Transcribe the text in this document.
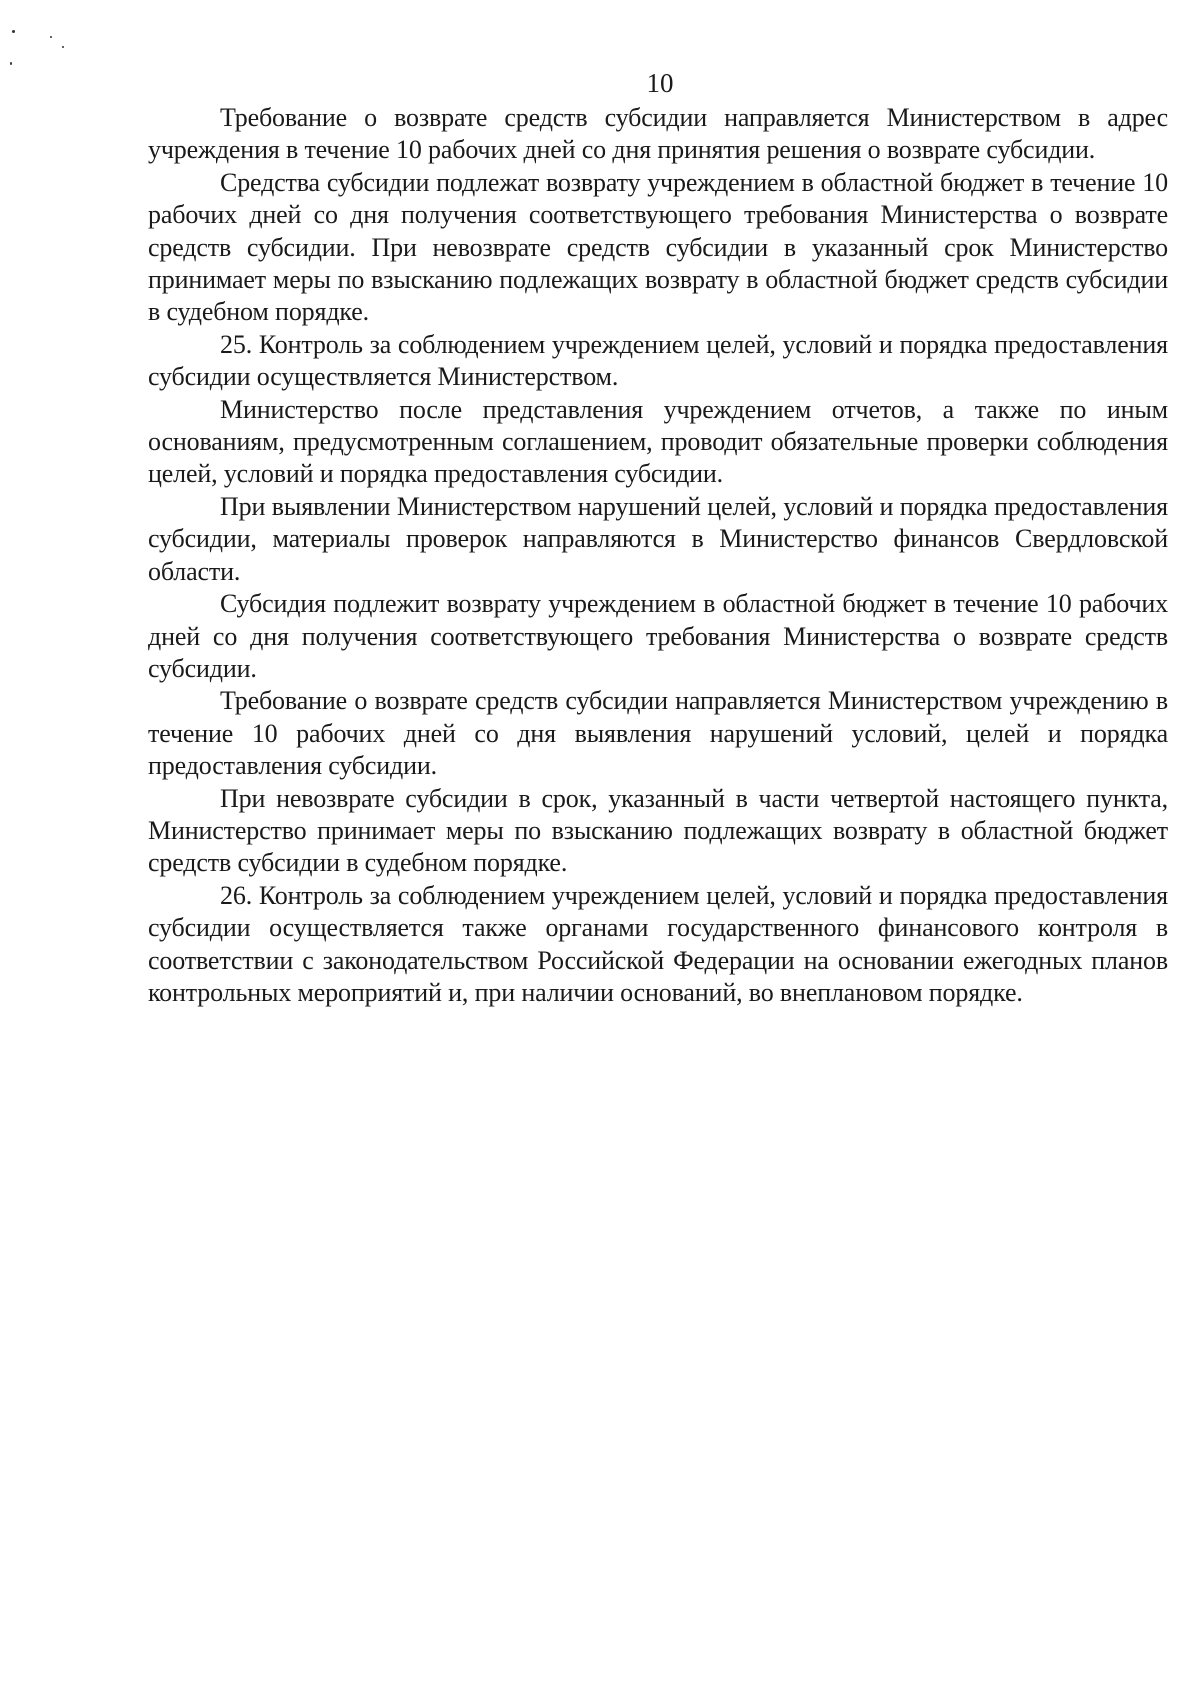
10

Требование о возврате средств субсидии направляется Министерством в адрес учреждения в течение 10 рабочих дней со дня принятия решения о возврате субсидии.

Средства субсидии подлежат возврату учреждением в областной бюджет в течение 10 рабочих дней со дня получения соответствующего требования Министерства о возврате средств субсидии. При невозврате средств субсидии в указанный срок Министерство принимает меры по взысканию подлежащих возврату в областной бюджет средств субсидии в судебном порядке.

25. Контроль за соблюдением учреждением целей, условий и порядка предоставления субсидии осуществляется Министерством.

Министерство после представления учреждением отчетов, а также по иным основаниям, предусмотренным соглашением, проводит обязательные проверки соблюдения целей, условий и порядка предоставления субсидии.

При выявлении Министерством нарушений целей, условий и порядка предоставления субсидии, материалы проверок направляются в Министерство финансов Свердловской области.

Субсидия подлежит возврату учреждением в областной бюджет в течение 10 рабочих дней со дня получения соответствующего требования Министерства о возврате средств субсидии.

Требование о возврате средств субсидии направляется Министерством учреждению в течение 10 рабочих дней со дня выявления нарушений условий, целей и порядка предоставления субсидии.

При невозврате субсидии в срок, указанный в части четвертой настоящего пункта, Министерство принимает меры по взысканию подлежащих возврату в областной бюджет средств субсидии в судебном порядке.

26. Контроль за соблюдением учреждением целей, условий и порядка предоставления субсидии осуществляется также органами государственного финансового контроля в соответствии с законодательством Российской Федерации на основании ежегодных планов контрольных мероприятий и, при наличии оснований, во внеплановом порядке.
